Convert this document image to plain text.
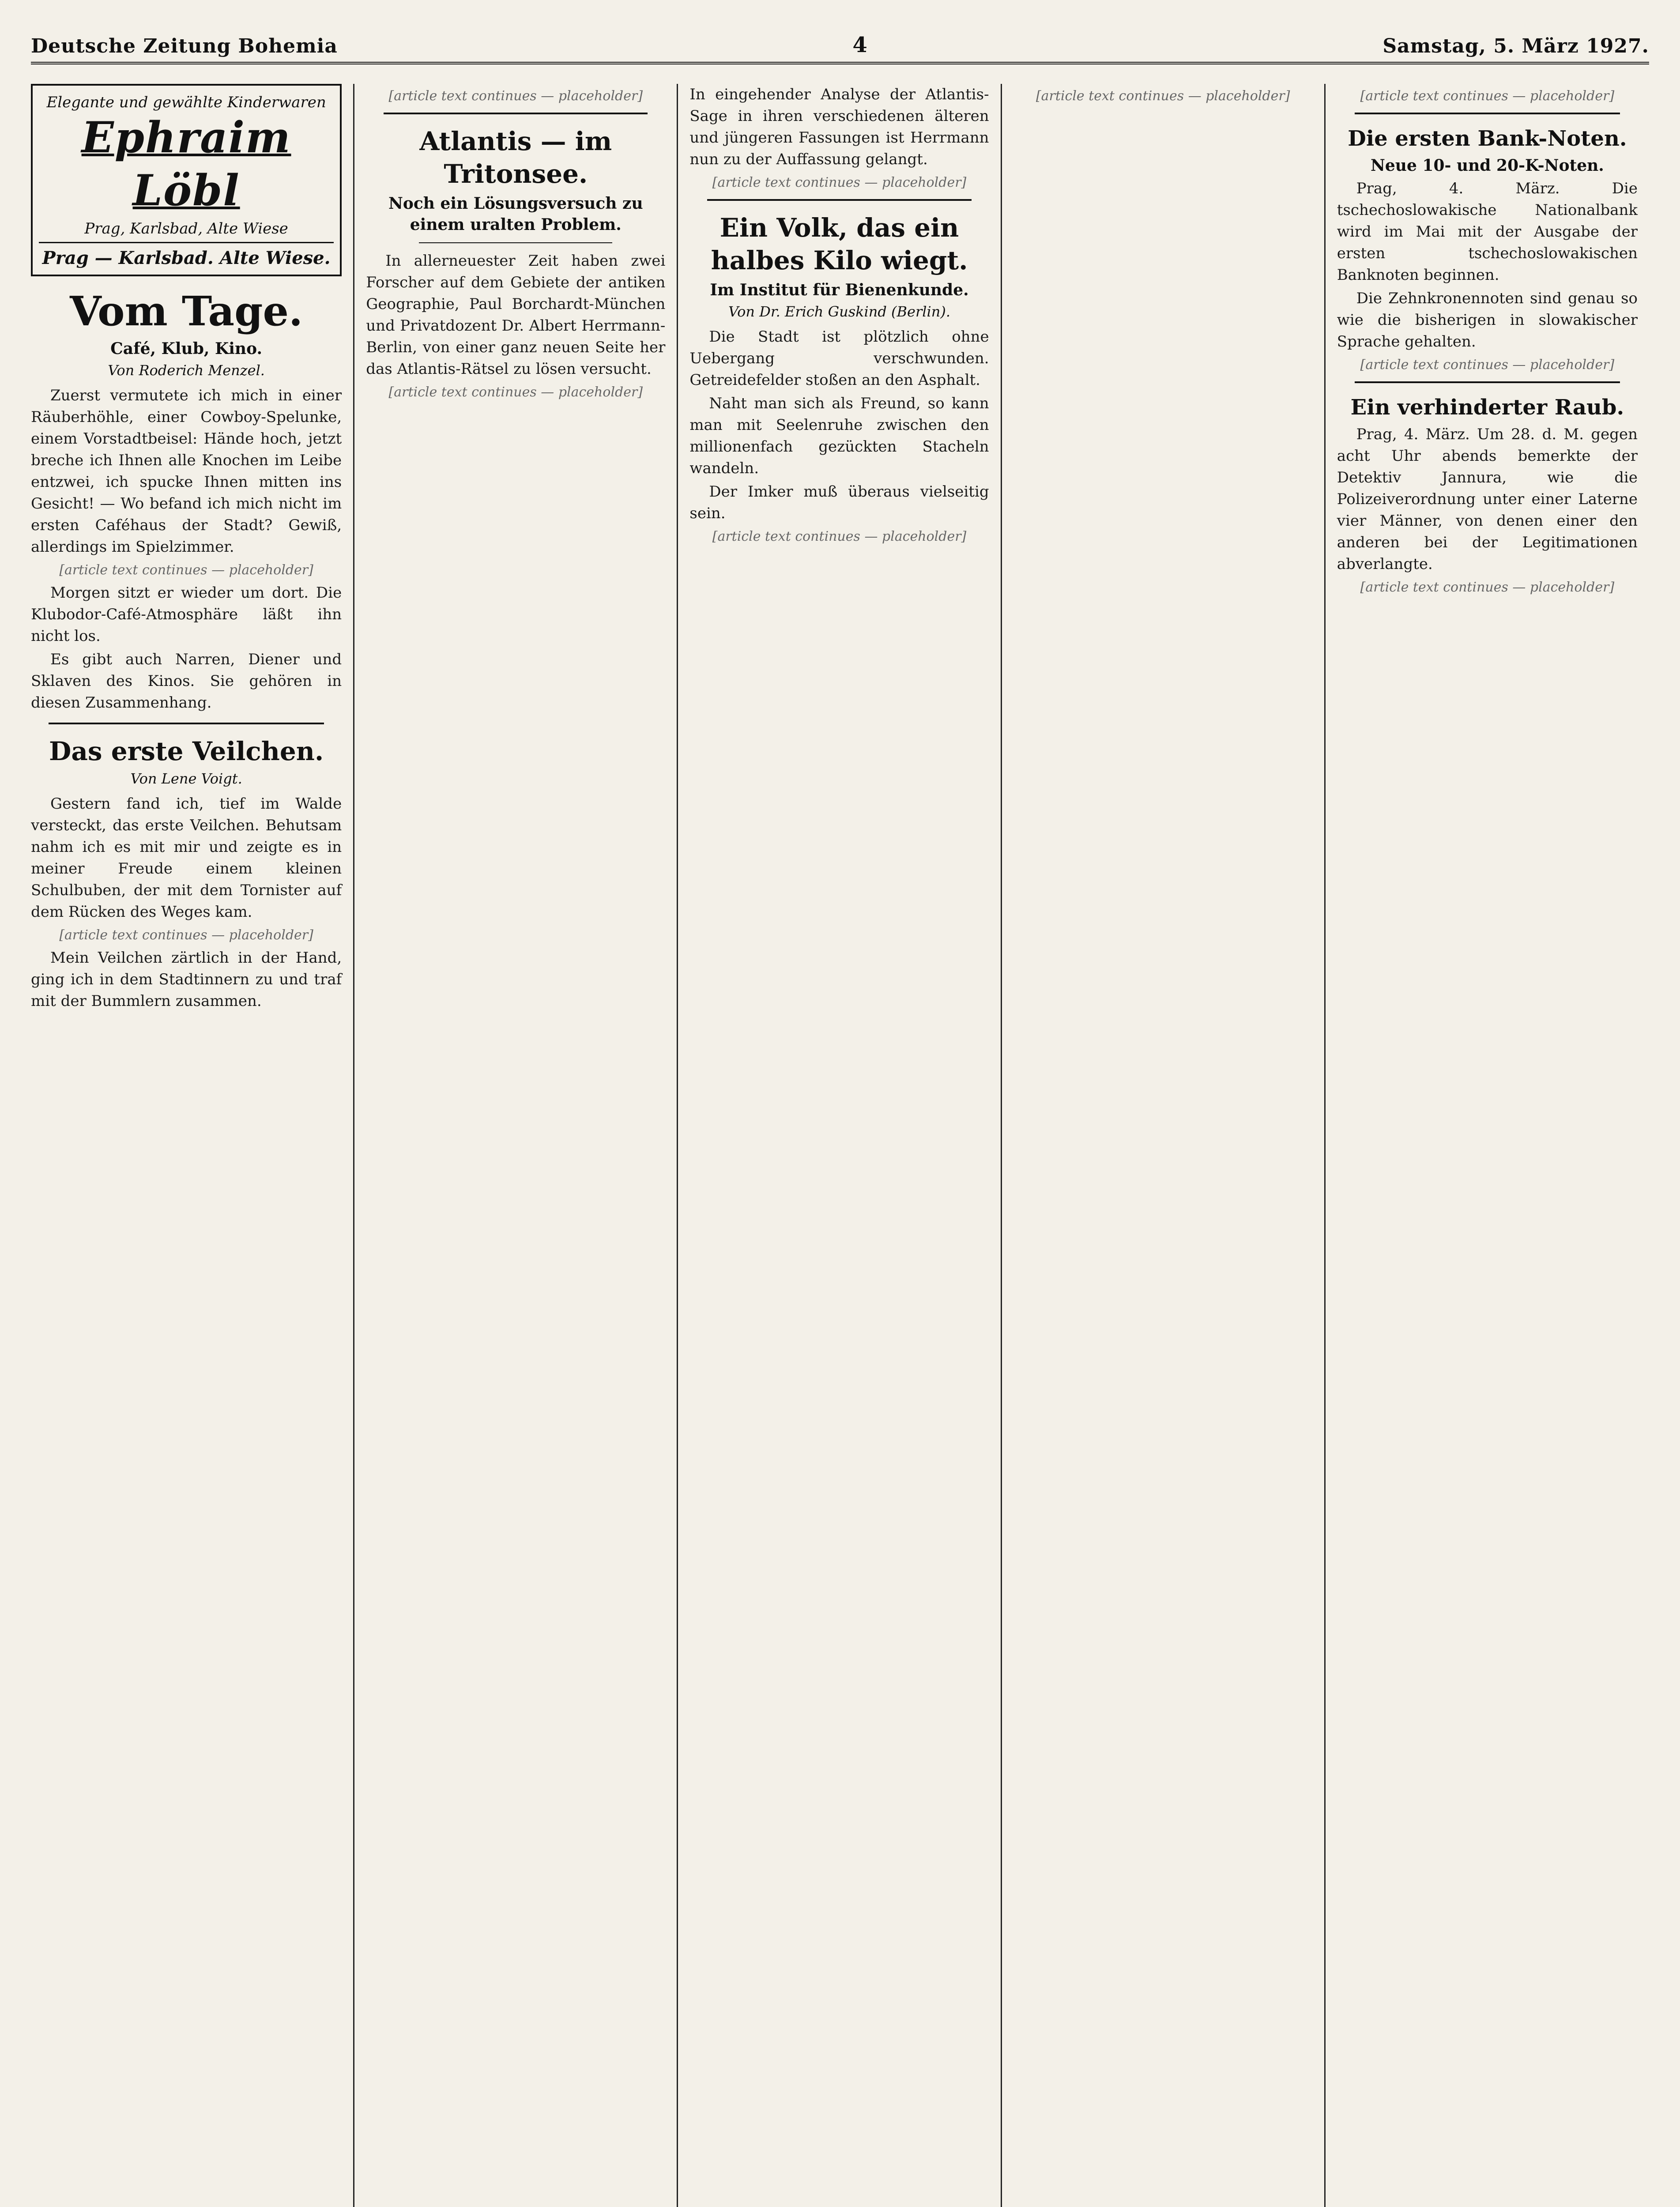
Deutsche Zeitung Bohemia	4	Samstag, 5. März 1927.
Elegante und gewählte Kinderwaren
Ephraim Löbl
Prag, Karlsbad, Alte Wiese
Prag — Karlsbad. Alte Wiese.
Vom Tage.
Café, Klub, Kino.
Von Roderich Menzel.

Zuerst vermutete ich mich in einer Räuberhöhle, einer Cowboy-Spelunke, einem Vorstadtbeisel: Hände hoch, jetzt breche ich Ihnen alle Knochen im Leibe entzwei, ich spucke Ihnen mitten ins Gesicht! — Wo befand ich mich nicht im ersten Caféhaus der Stadt? Gewiß, allerdings im Spielzimmer.

[article text continues — placeholder]

Morgen sitzt er wieder um dort. Die Klubodor-Café-Atmosphäre läßt ihn nicht los.

Es gibt auch Narren, Diener und Sklaven des Kinos. Sie gehören in diesen Zusammenhang.

Das erste Veilchen.
Von Lene Voigt.

Gestern fand ich, tief im Walde versteckt, das erste Veilchen. Behutsam nahm ich es mit mir und zeigte es in meiner Freude einem kleinen Schulbuben, der mit dem Tornister auf dem Rücken des Weges kam.

[article text continues — placeholder]

Mein Veilchen zärtlich in der Hand, ging ich in dem Stadtinnern zu und traf mit der Bummlern zusammen.

[article text continues — placeholder]
Atlantis — im Tritonsee.
Noch ein Lösungsversuch zu einem uralten Problem.

In allerneuester Zeit haben zwei Forscher auf dem Gebiete der antiken Geographie, Paul Borchardt-München und Privatdozent Dr. Albert Herrmann-Berlin, von einer ganz neuen Seite her das Atlantis-Rätsel zu lösen versucht.

[article text continues — placeholder]

In eingehender Analyse der Atlantis-Sage in ihren verschiedenen älteren und jüngeren Fassungen ist Herrmann nun zu der Auffassung gelangt.

[article text continues — placeholder]
Ein Volk, das ein halbes Kilo wiegt.
Im Institut für Bienenkunde.
Von Dr. Erich Guskind (Berlin).

Die Stadt ist plötzlich ohne Uebergang verschwunden. Getreidefelder stoßen an den Asphalt.

Naht man sich als Freund, so kann man mit Seelenruhe zwischen den millionenfach gezückten Stacheln wandeln.

Der Imker muß überaus vielseitig sein.

[article text continues — placeholder]
[article text continues — placeholder]	[article text continues — placeholder]
Die ersten Bank-Noten.
Neue 10- und 20-K-Noten.

Prag, 4. März. Die tschechoslowakische Nationalbank wird im Mai mit der Ausgabe der ersten tschechoslowakischen Banknoten beginnen.

Die Zehnkronennoten sind genau so wie die bisherigen in slowakischer Sprache gehalten.

[article text continues — placeholder]
Ein verhinderter Raub.

Prag, 4. März. Um 28. d. M. gegen acht Uhr abends bemerkte der Detektiv Jannura, wie die Polizeiverordnung unter einer Laterne vier Männer, von denen einer den anderen bei der Legitimationen abverlangte.

[article text continues — placeholder]
